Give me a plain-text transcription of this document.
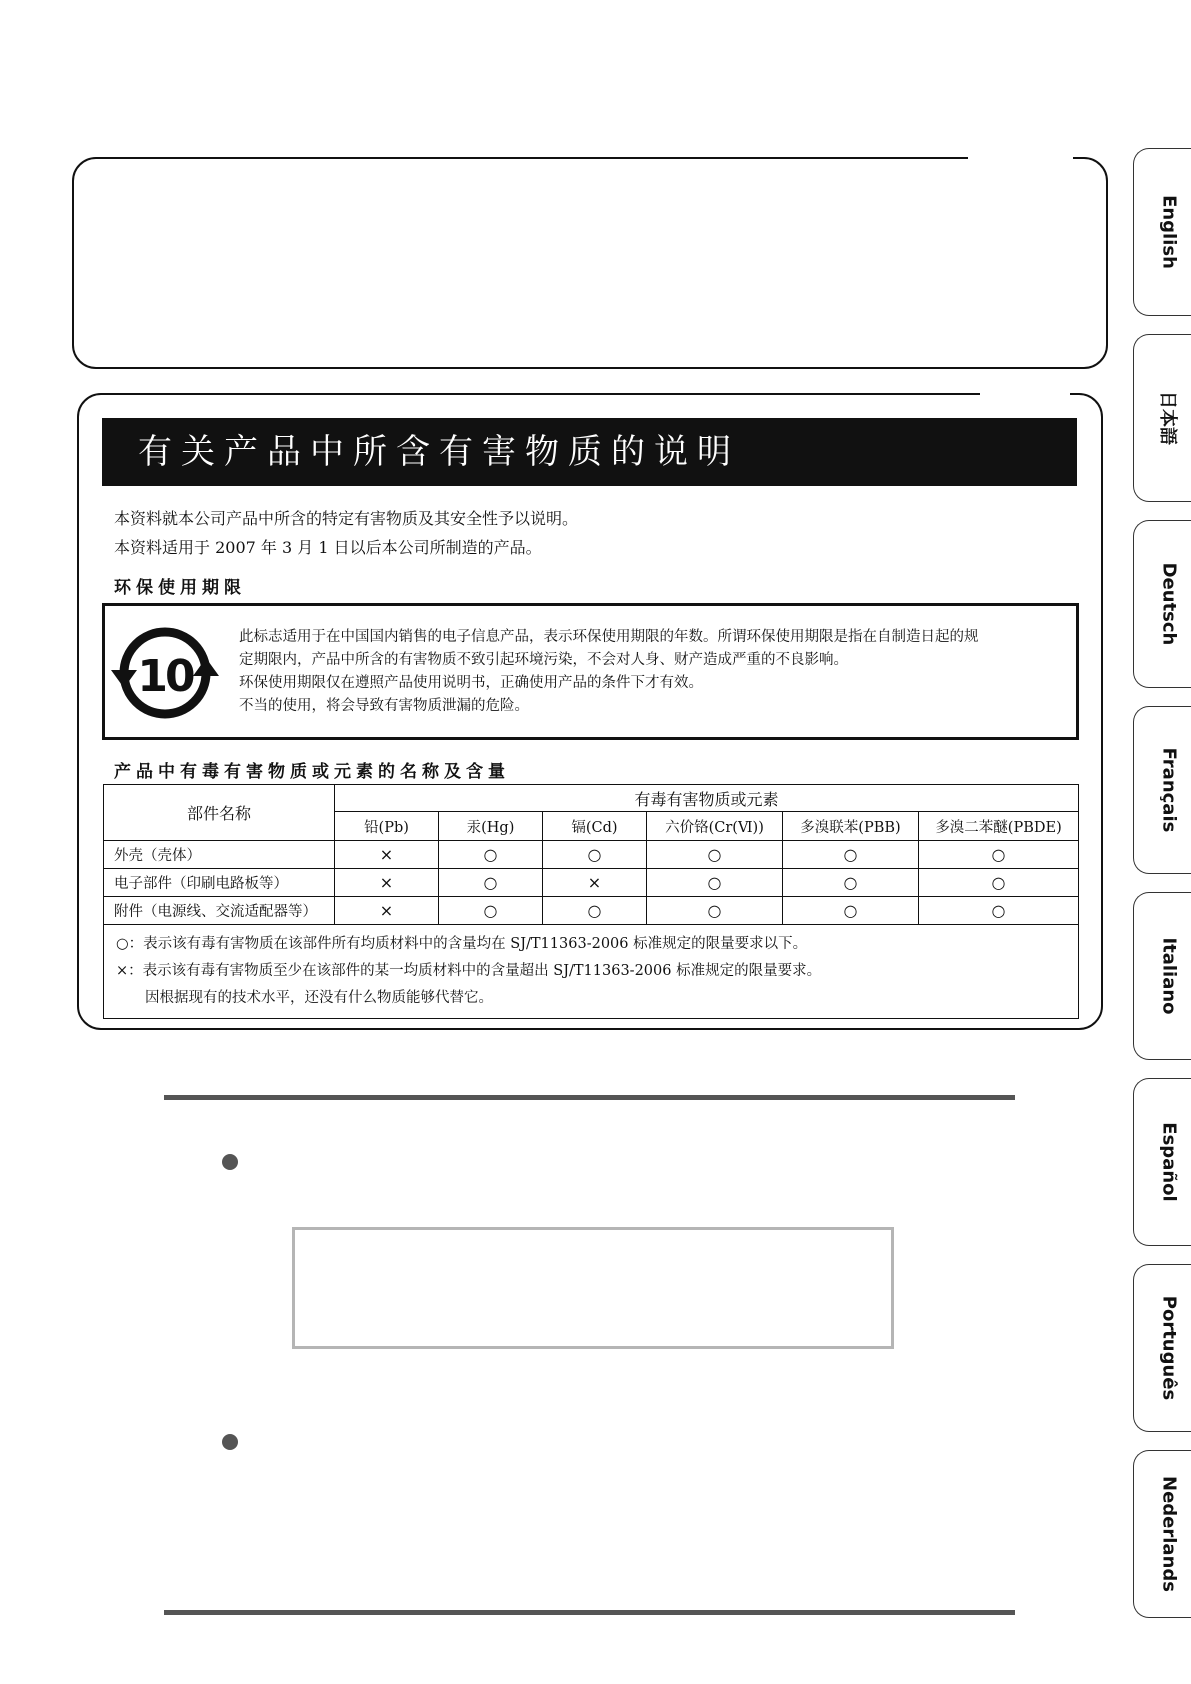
有关产品中所含有害物质的说明
本资料就本公司产品中所含的特定有害物质及其安全性予以说明。
本资料适用于 2007 年 3 月 1 日以后本公司所制造的产品。
环保使用期限
10
此标志适用于在中国国内销售的电子信息产品，表示环保使用期限的年数。所谓环保使用期限是指在自制造日起的规
定期限内，产品中所含的有害物质不致引起环境污染，不会对人身、财产造成严重的不良影响。
环保使用期限仅在遵照产品使用说明书，正确使用产品的条件下才有效。
不当的使用，将会导致有害物质泄漏的危险。
产品中有毒有害物质或元素的名称及含量
部件名称	有毒有害物质或元素					
	铅(Pb)	汞(Hg)	镉(Cd)	六价铬(Cr(Ⅵ))	多溴联苯(PBB)	多溴二苯醚(PBDE)
外壳（壳体）	×	○	○	○	○	○
电子部件（印刷电路板等）	×	○	×	○	○	○
附件（电源线、交流适配器等）	×	○	○	○	○	○

○：表示该有毒有害物质在该部件所有均质材料中的含量均在 SJ/T11363-2006 标准规定的限量要求以下。
×：表示该有毒有害物质至少在该部件的某一均质材料中的含量超出 SJ/T11363-2006 标准规定的限量要求。
　　因根据现有的技术水平，还没有什么物质能够代替它。						
English
日本語
Deutsch
Français
Italiano
Español
Português
Nederlands
